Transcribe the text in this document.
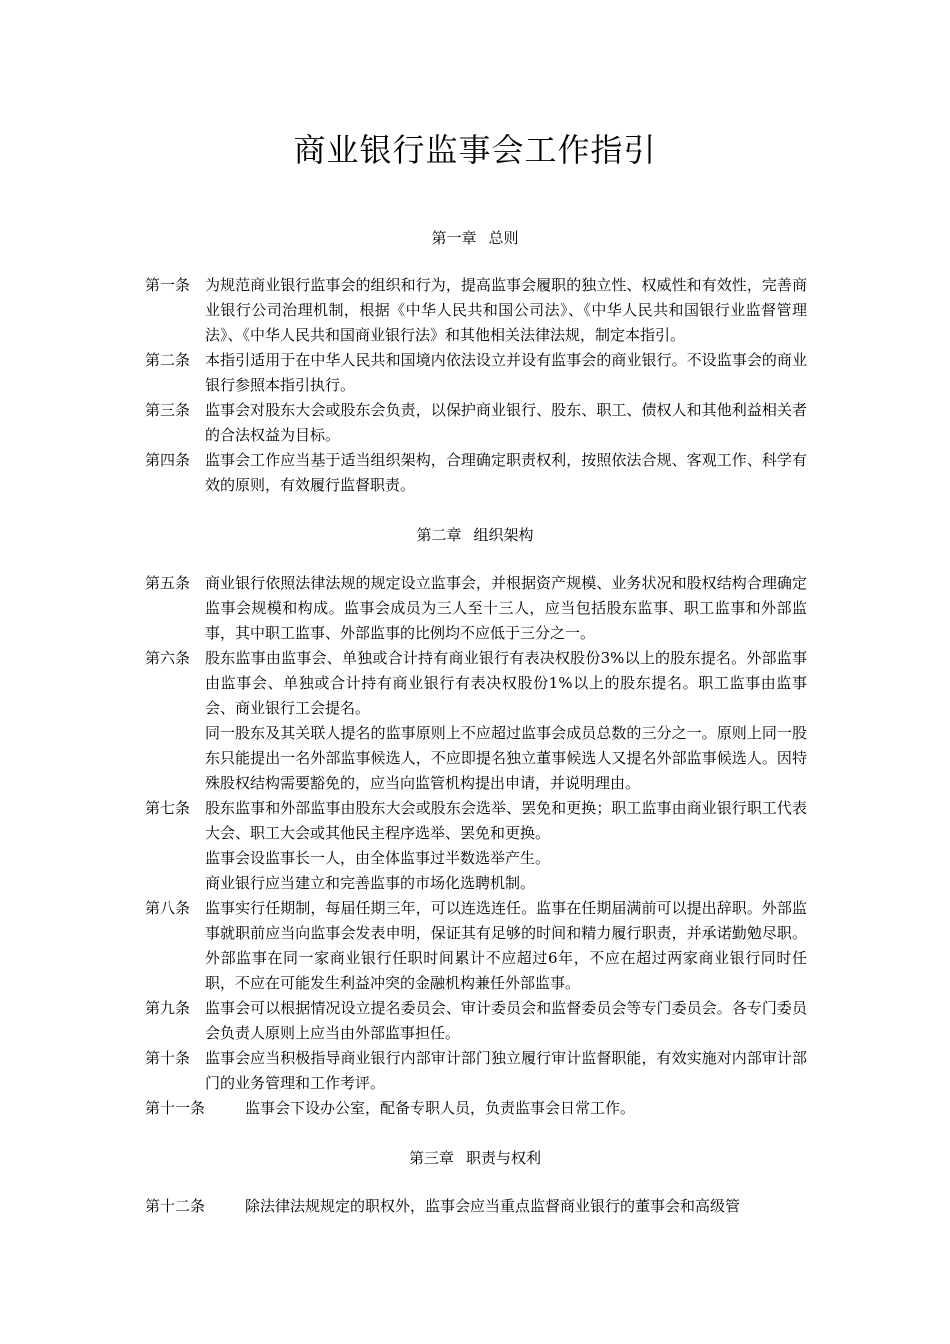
商业银行监事会工作指引
第一章 总则
第一条 为规范商业银行监事会的组织和行为，提高监事会履职的独立性、权威性和有效性，完善商业银行公司治理机制，根据《中华人民共和国公司法》、《中华人民共和国银行业监督管理法》、《中华人民共和国商业银行法》和其他相关法律法规，制定本指引。
第二条 本指引适用于在中华人民共和国境内依法设立并设有监事会的商业银行。不设监事会的商业银行参照本指引执行。
第三条 监事会对股东大会或股东会负责，以保护商业银行、股东、职工、债权人和其他利益相关者的合法权益为目标。
第四条 监事会工作应当基于适当组织架构，合理确定职责权利，按照依法合规、客观工作、科学有效的原则，有效履行监督职责。
第二章 组织架构
第五条 商业银行依照法律法规的规定设立监事会，并根据资产规模、业务状况和股权结构合理确定监事会规模和构成。监事会成员为三人至十三人，应当包括股东监事、职工监事和外部监事，其中职工监事、外部监事的比例均不应低于三分之一。
第六条 股东监事由监事会、单独或合计持有商业银行有表决权股份3%以上的股东提名。外部监事由监事会、单独或合计持有商业银行有表决权股份1%以上的股东提名。职工监事由监事会、商业银行工会提名。
同一股东及其关联人提名的监事原则上不应超过监事会成员总数的三分之一。原则上同一股东只能提出一名外部监事候选人，不应即提名独立董事候选人又提名外部监事候选人。因特殊股权结构需要豁免的，应当向监管机构提出申请，并说明理由。
第七条 股东监事和外部监事由股东大会或股东会选举、罢免和更换；职工监事由商业银行职工代表大会、职工大会或其他民主程序选举、罢免和更换。
监事会设监事长一人，由全体监事过半数选举产生。
商业银行应当建立和完善监事的市场化选聘机制。
第八条 监事实行任期制，每届任期三年，可以连选连任。监事在任期届满前可以提出辞职。外部监事就职前应当向监事会发表申明，保证其有足够的时间和精力履行职责，并承诺勤勉尽职。外部监事在同一家商业银行任职时间累计不应超过6年，不应在超过两家商业银行同时任职，不应在可能发生利益冲突的金融机构兼任外部监事。
第九条 监事会可以根据情况设立提名委员会、审计委员会和监督委员会等专门委员会。各专门委员会负责人原则上应当由外部监事担任。
第十条 监事会应当积极指导商业银行内部审计部门独立履行审计监督职能，有效实施对内部审计部门的业务管理和工作考评。
第十一条	监事会下设办公室，配备专职人员，负责监事会日常工作。
第三章 职责与权利
第十二条	除法律法规规定的职权外，监事会应当重点监督商业银行的董事会和高级管
